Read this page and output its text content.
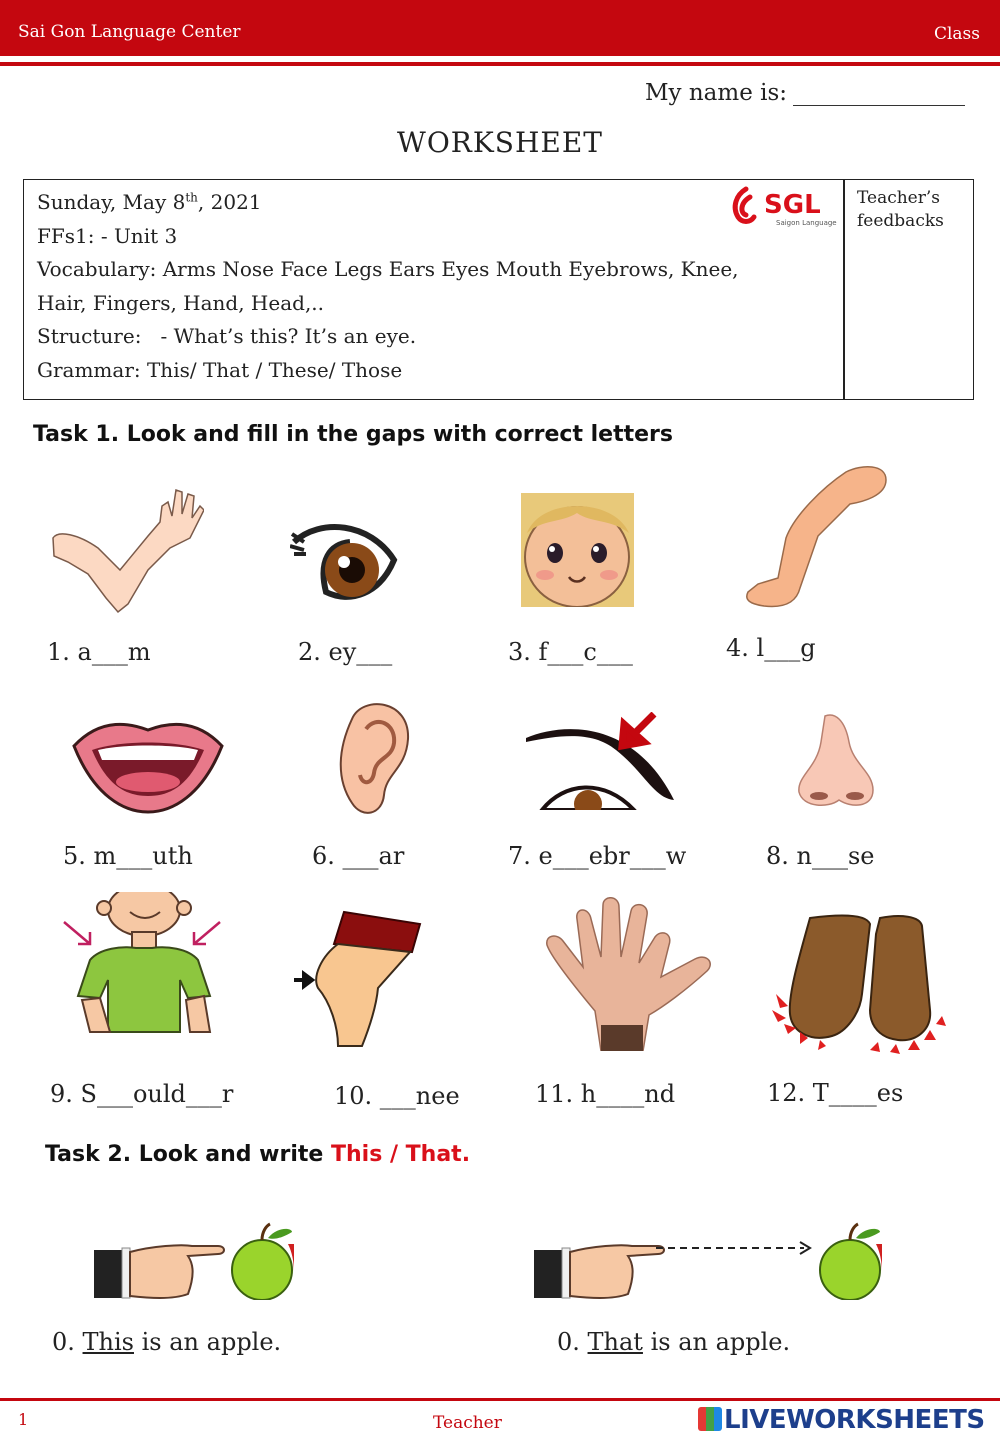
Sai Gon Language Center	Class
My name is:
WORKSHEET
Sunday, May 8th, 2021
FFs1: - Unit 3
Vocabulary: Arms Nose Face Legs Ears Eyes Mouth Eyebrows, Knee,
Hair, Fingers, Hand, Head,..
Structure:   - What’s this? It’s an eye.
Grammar: This/ That / These/ Those
Teacher’s
feedbacks
SGL
Saigon Language
Task 1. Look and fill in the gaps with correct letters
1. a___m	2. ey___	3. f___c___	4. l___g
5. m___uth	6. ___ar	7. e___ebr___w	8. n___se
9. S___ould___r	10. ___nee	11. h____nd	12. T____es
Task 2. Look and write This / That.
0. This is an apple.	0. That is an apple.
1	Teacher	LIVEWORKSHEETS
